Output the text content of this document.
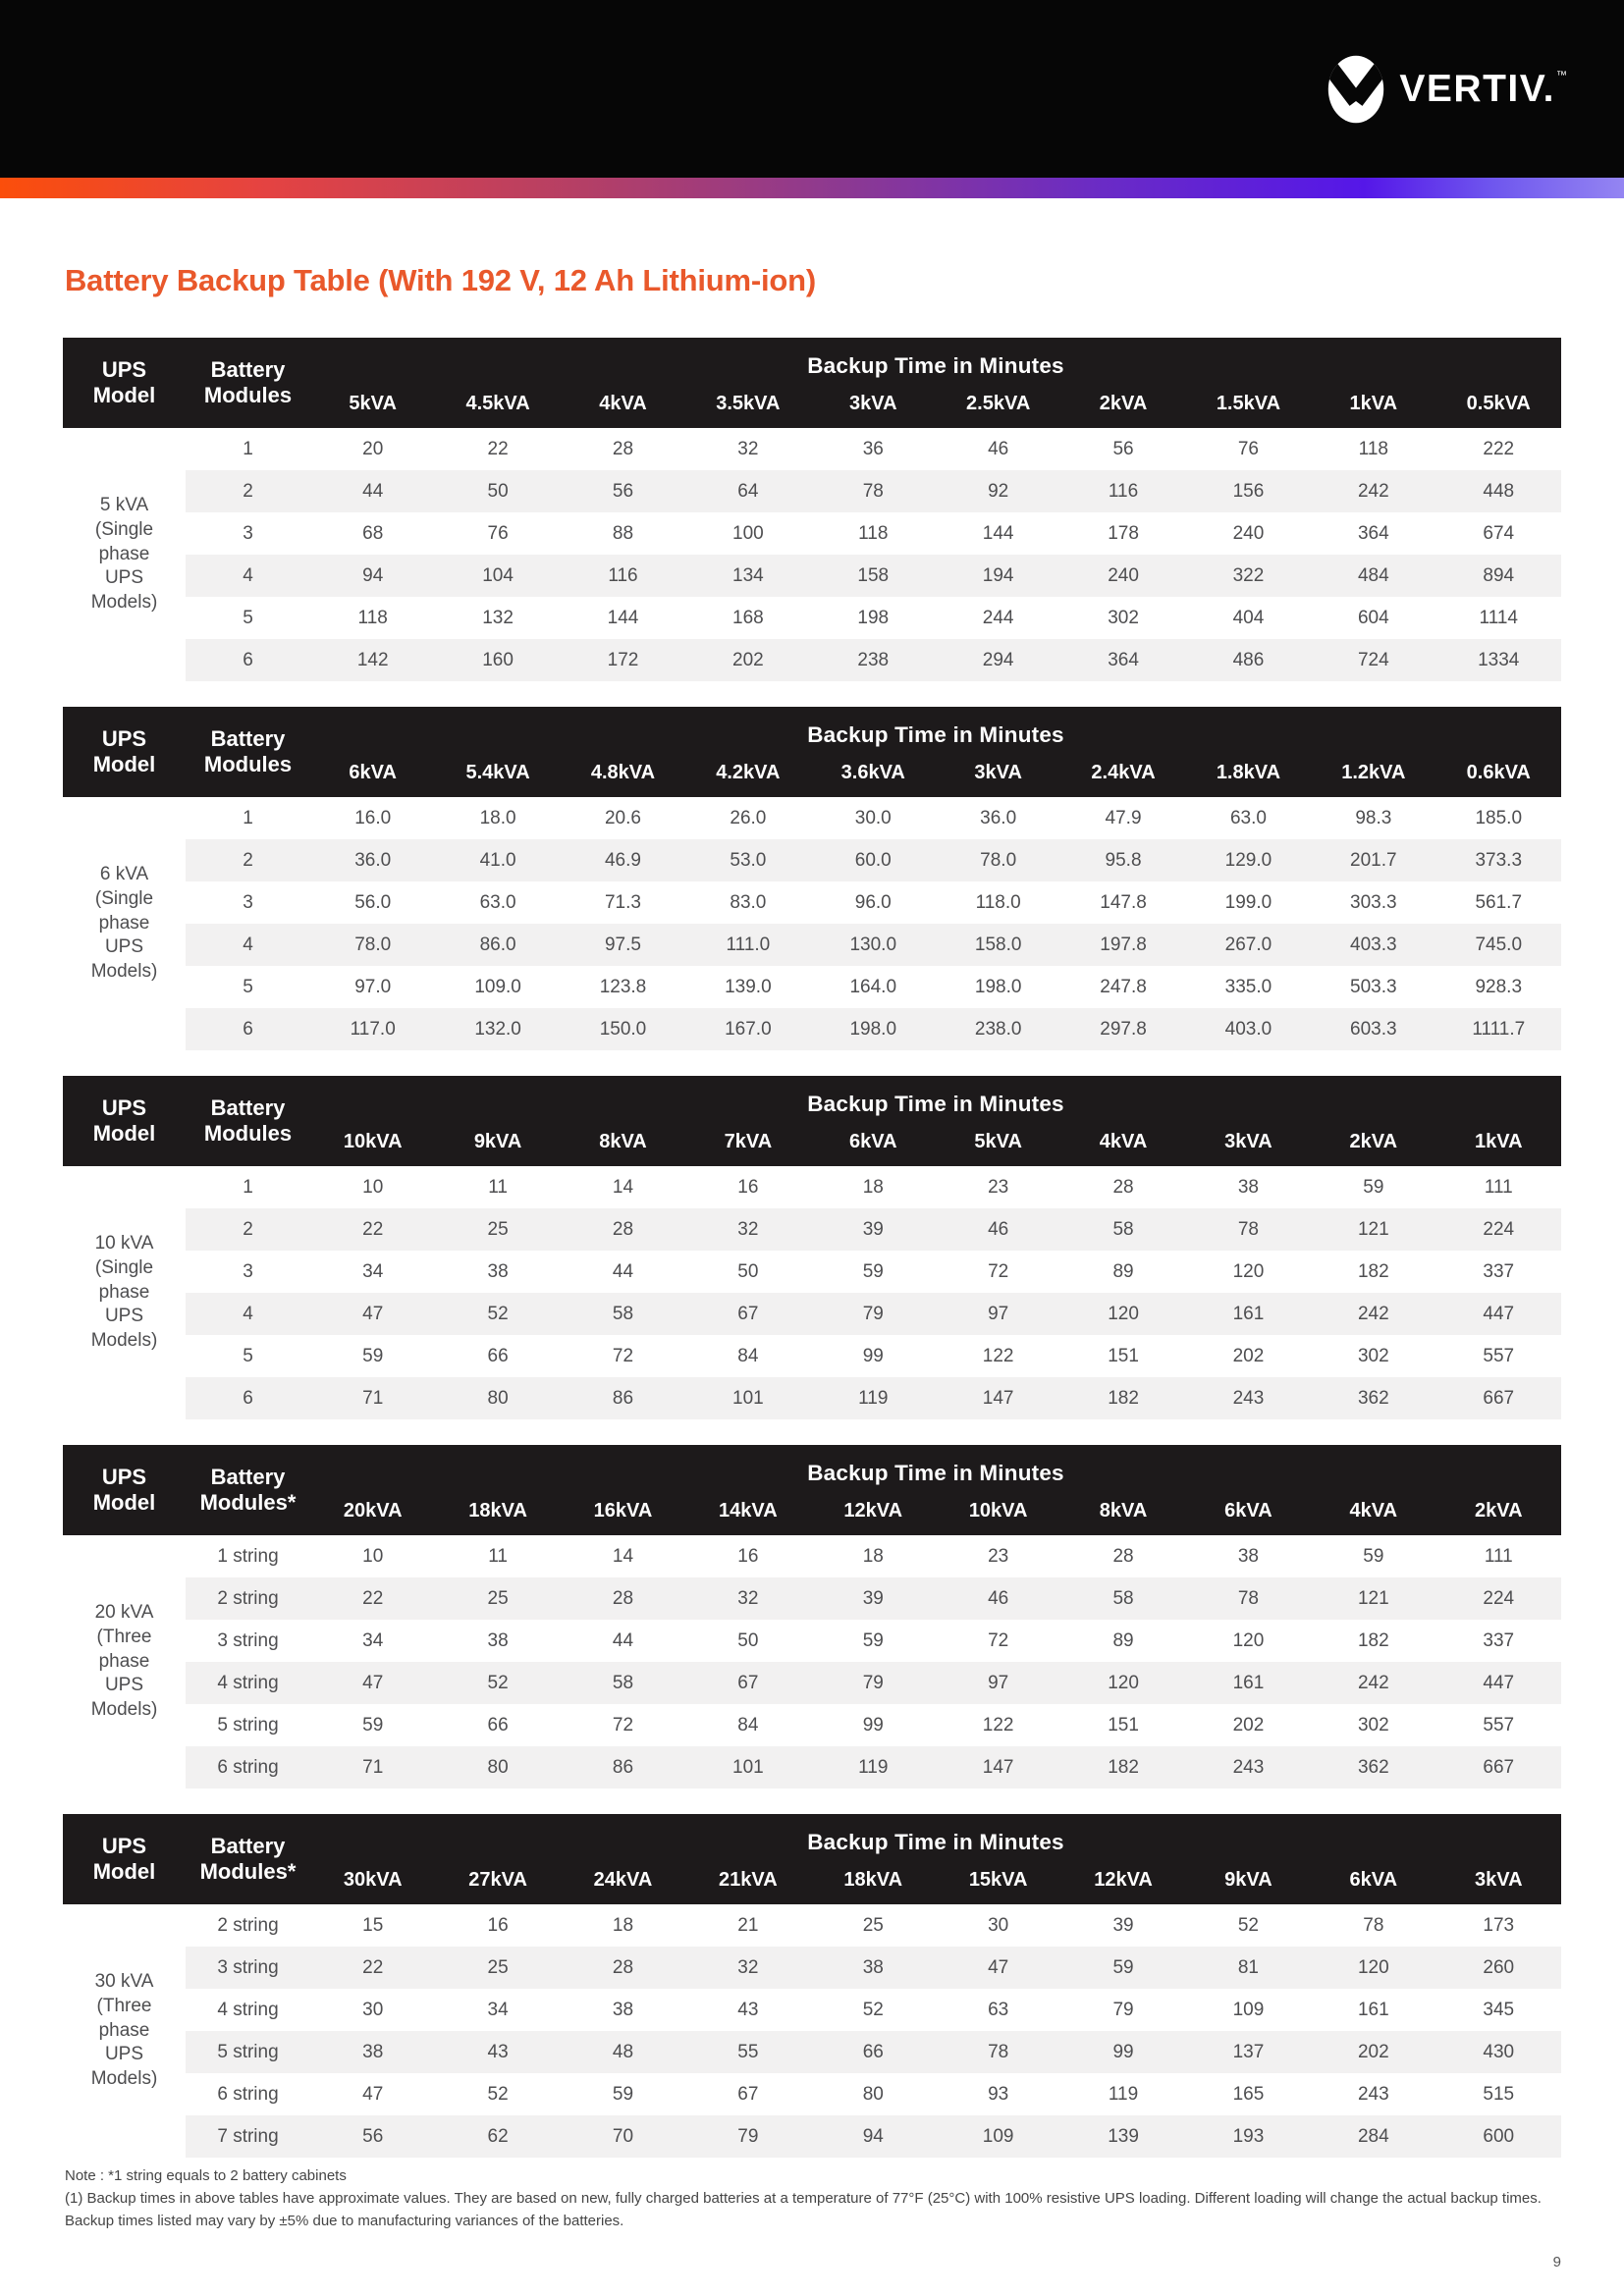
VERTIV.™
Battery Backup Table (With 192 V, 12 Ah Lithium-ion)
UPS Model	Battery Modules	Backup Time in Minutes									
		5kVA	4.5kVA	4kVA	3.5kVA	3kVA	2.5kVA	2kVA	1.5kVA	1kVA	0.5kVA
5 kVA (Single phase UPS Models)	1	20	22	28	32	36	46	56	76	118	222
	2	44	50	56	64	78	92	116	156	242	448
	3	68	76	88	100	118	144	178	240	364	674
	4	94	104	116	134	158	194	240	322	484	894
	5	118	132	144	168	198	244	302	404	604	1114
	6	142	160	172	202	238	294	364	486	724	1334
UPS Model	Battery Modules	Backup Time in Minutes									
		6kVA	5.4kVA	4.8kVA	4.2kVA	3.6kVA	3kVA	2.4kVA	1.8kVA	1.2kVA	0.6kVA
6 kVA (Single phase UPS Models)	1	16.0	18.0	20.6	26.0	30.0	36.0	47.9	63.0	98.3	185.0
	2	36.0	41.0	46.9	53.0	60.0	78.0	95.8	129.0	201.7	373.3
	3	56.0	63.0	71.3	83.0	96.0	118.0	147.8	199.0	303.3	561.7
	4	78.0	86.0	97.5	111.0	130.0	158.0	197.8	267.0	403.3	745.0
	5	97.0	109.0	123.8	139.0	164.0	198.0	247.8	335.0	503.3	928.3
	6	117.0	132.0	150.0	167.0	198.0	238.0	297.8	403.0	603.3	1111.7
UPS Model	Battery Modules	Backup Time in Minutes									
		10kVA	9kVA	8kVA	7kVA	6kVA	5kVA	4kVA	3kVA	2kVA	1kVA
10 kVA (Single phase UPS Models)	1	10	11	14	16	18	23	28	38	59	111
	2	22	25	28	32	39	46	58	78	121	224
	3	34	38	44	50	59	72	89	120	182	337
	4	47	52	58	67	79	97	120	161	242	447
	5	59	66	72	84	99	122	151	202	302	557
	6	71	80	86	101	119	147	182	243	362	667
UPS Model	Battery Modules*	Backup Time in Minutes									
		20kVA	18kVA	16kVA	14kVA	12kVA	10kVA	8kVA	6kVA	4kVA	2kVA
20 kVA (Three phase UPS Models)	1 string	10	11	14	16	18	23	28	38	59	111
	2 string	22	25	28	32	39	46	58	78	121	224
	3 string	34	38	44	50	59	72	89	120	182	337
	4 string	47	52	58	67	79	97	120	161	242	447
	5 string	59	66	72	84	99	122	151	202	302	557
	6 string	71	80	86	101	119	147	182	243	362	667
UPS Model	Battery Modules*	Backup Time in Minutes									
		30kVA	27kVA	24kVA	21kVA	18kVA	15kVA	12kVA	9kVA	6kVA	3kVA
30 kVA (Three phase UPS Models)	2 string	15	16	18	21	25	30	39	52	78	173
	3 string	22	25	28	32	38	47	59	81	120	260
	4 string	30	34	38	43	52	63	79	109	161	345
	5 string	38	43	48	55	66	78	99	137	202	430
	6 string	47	52	59	67	80	93	119	165	243	515
	7 string	56	62	70	79	94	109	139	193	284	600

Note : *1 string equals to 2 battery cabinets

(1) Backup times in above tables have approximate values. They are based on new, fully charged batteries at a temperature of 77°F (25°C) with 100% resistive UPS loading. Different loading will change the actual backup times. Backup times listed may vary by ±5% due to manufacturing variances of the batteries.

9
